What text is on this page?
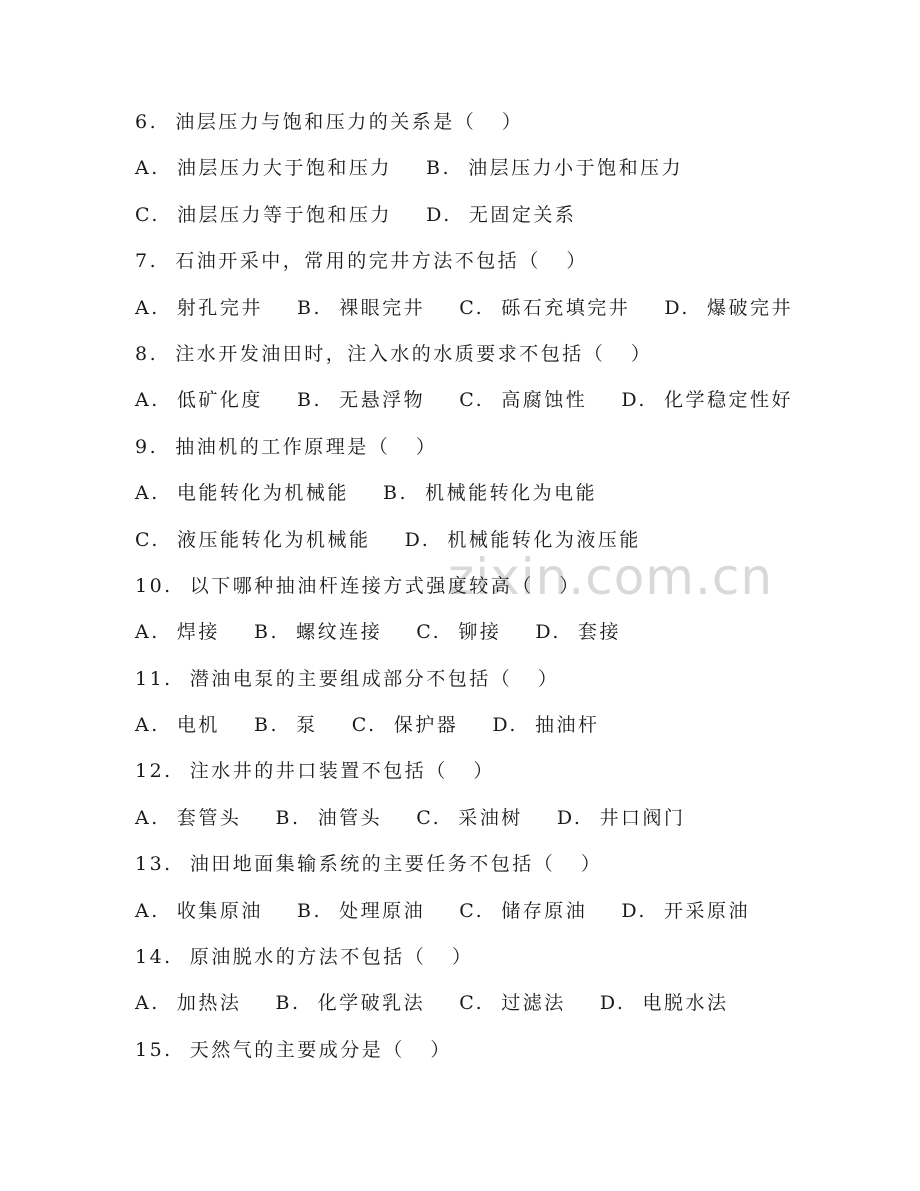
zixin.com.cn
6.  油层压力与饱和压力的关系是（   ）
A.  油层压力大于饱和压力    B.  油层压力小于饱和压力
C.  油层压力等于饱和压力    D.  无固定关系
7.  石油开采中，常用的完井方法不包括（   ）
A.  射孔完井    B.  裸眼完井    C.  砾石充填完井    D.  爆破完井
8.  注水开发油田时，注入水的水质要求不包括（   ）
A.  低矿化度    B.  无悬浮物    C.  高腐蚀性    D.  化学稳定性好
9.  抽油机的工作原理是（   ）
A.  电能转化为机械能    B.  机械能转化为电能
C.  液压能转化为机械能    D.  机械能转化为液压能
10.  以下哪种抽油杆连接方式强度较高（   ）
A.  焊接    B.  螺纹连接    C.  铆接    D.  套接
11.  潜油电泵的主要组成部分不包括（   ）
A.  电机    B.  泵    C.  保护器    D.  抽油杆
12.  注水井的井口装置不包括（   ）
A.  套管头    B.  油管头    C.  采油树    D.  井口阀门
13.  油田地面集输系统的主要任务不包括（   ）
A.  收集原油    B.  处理原油    C.  储存原油    D.  开采原油
14.  原油脱水的方法不包括（   ）
A.  加热法    B.  化学破乳法    C.  过滤法    D.  电脱水法
15.  天然气的主要成分是（   ）
